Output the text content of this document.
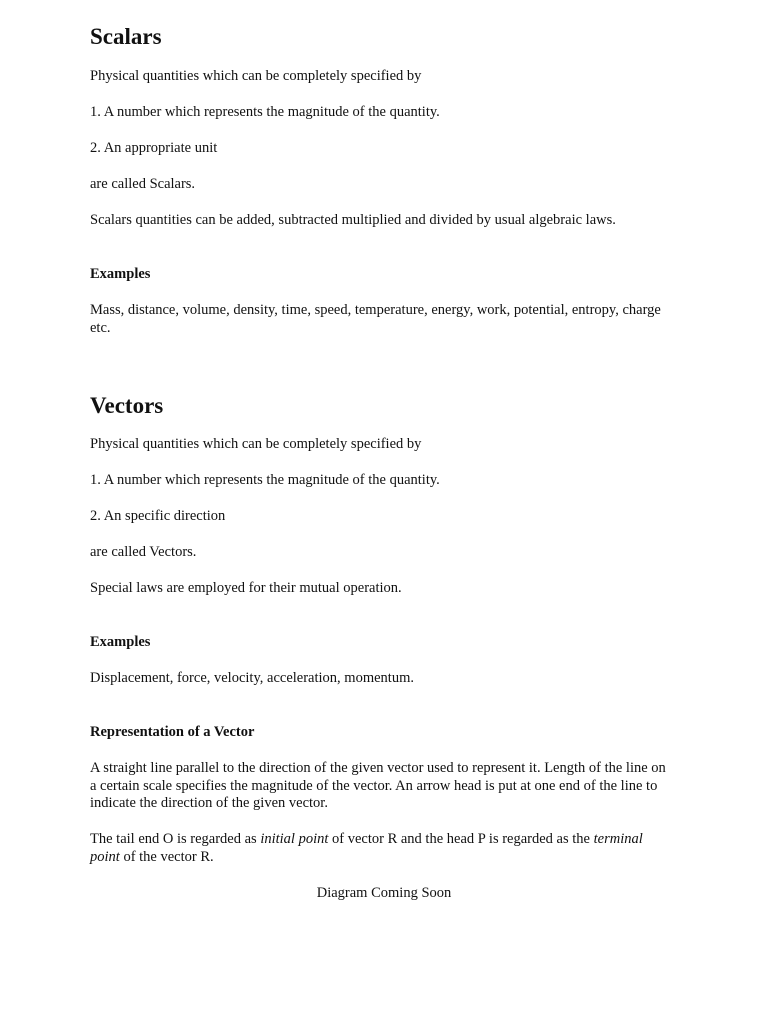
Scalars
Physical quantities which can be completely specified by
1. A number which represents the magnitude of the quantity.
2. An appropriate unit
are called Scalars.
Scalars quantities can be added, subtracted multiplied and divided by usual algebraic laws.
Examples
Mass, distance, volume, density, time, speed, temperature, energy, work, potential, entropy, charge etc.
Vectors
Physical quantities which can be completely specified by
1. A number which represents the magnitude of the quantity.
2. An specific direction
are called Vectors.
Special laws are employed for their mutual operation.
Examples
Displacement, force, velocity, acceleration, momentum.
Representation of a Vector
A straight line parallel to the direction of the given vector used to represent it. Length of the line on a certain scale specifies the magnitude of the vector. An arrow head is put at one end of the line to indicate the direction of the given vector.
The tail end O is regarded as initial point of vector R and the head P is regarded as the terminal point of the vector R.
Diagram Coming Soon
